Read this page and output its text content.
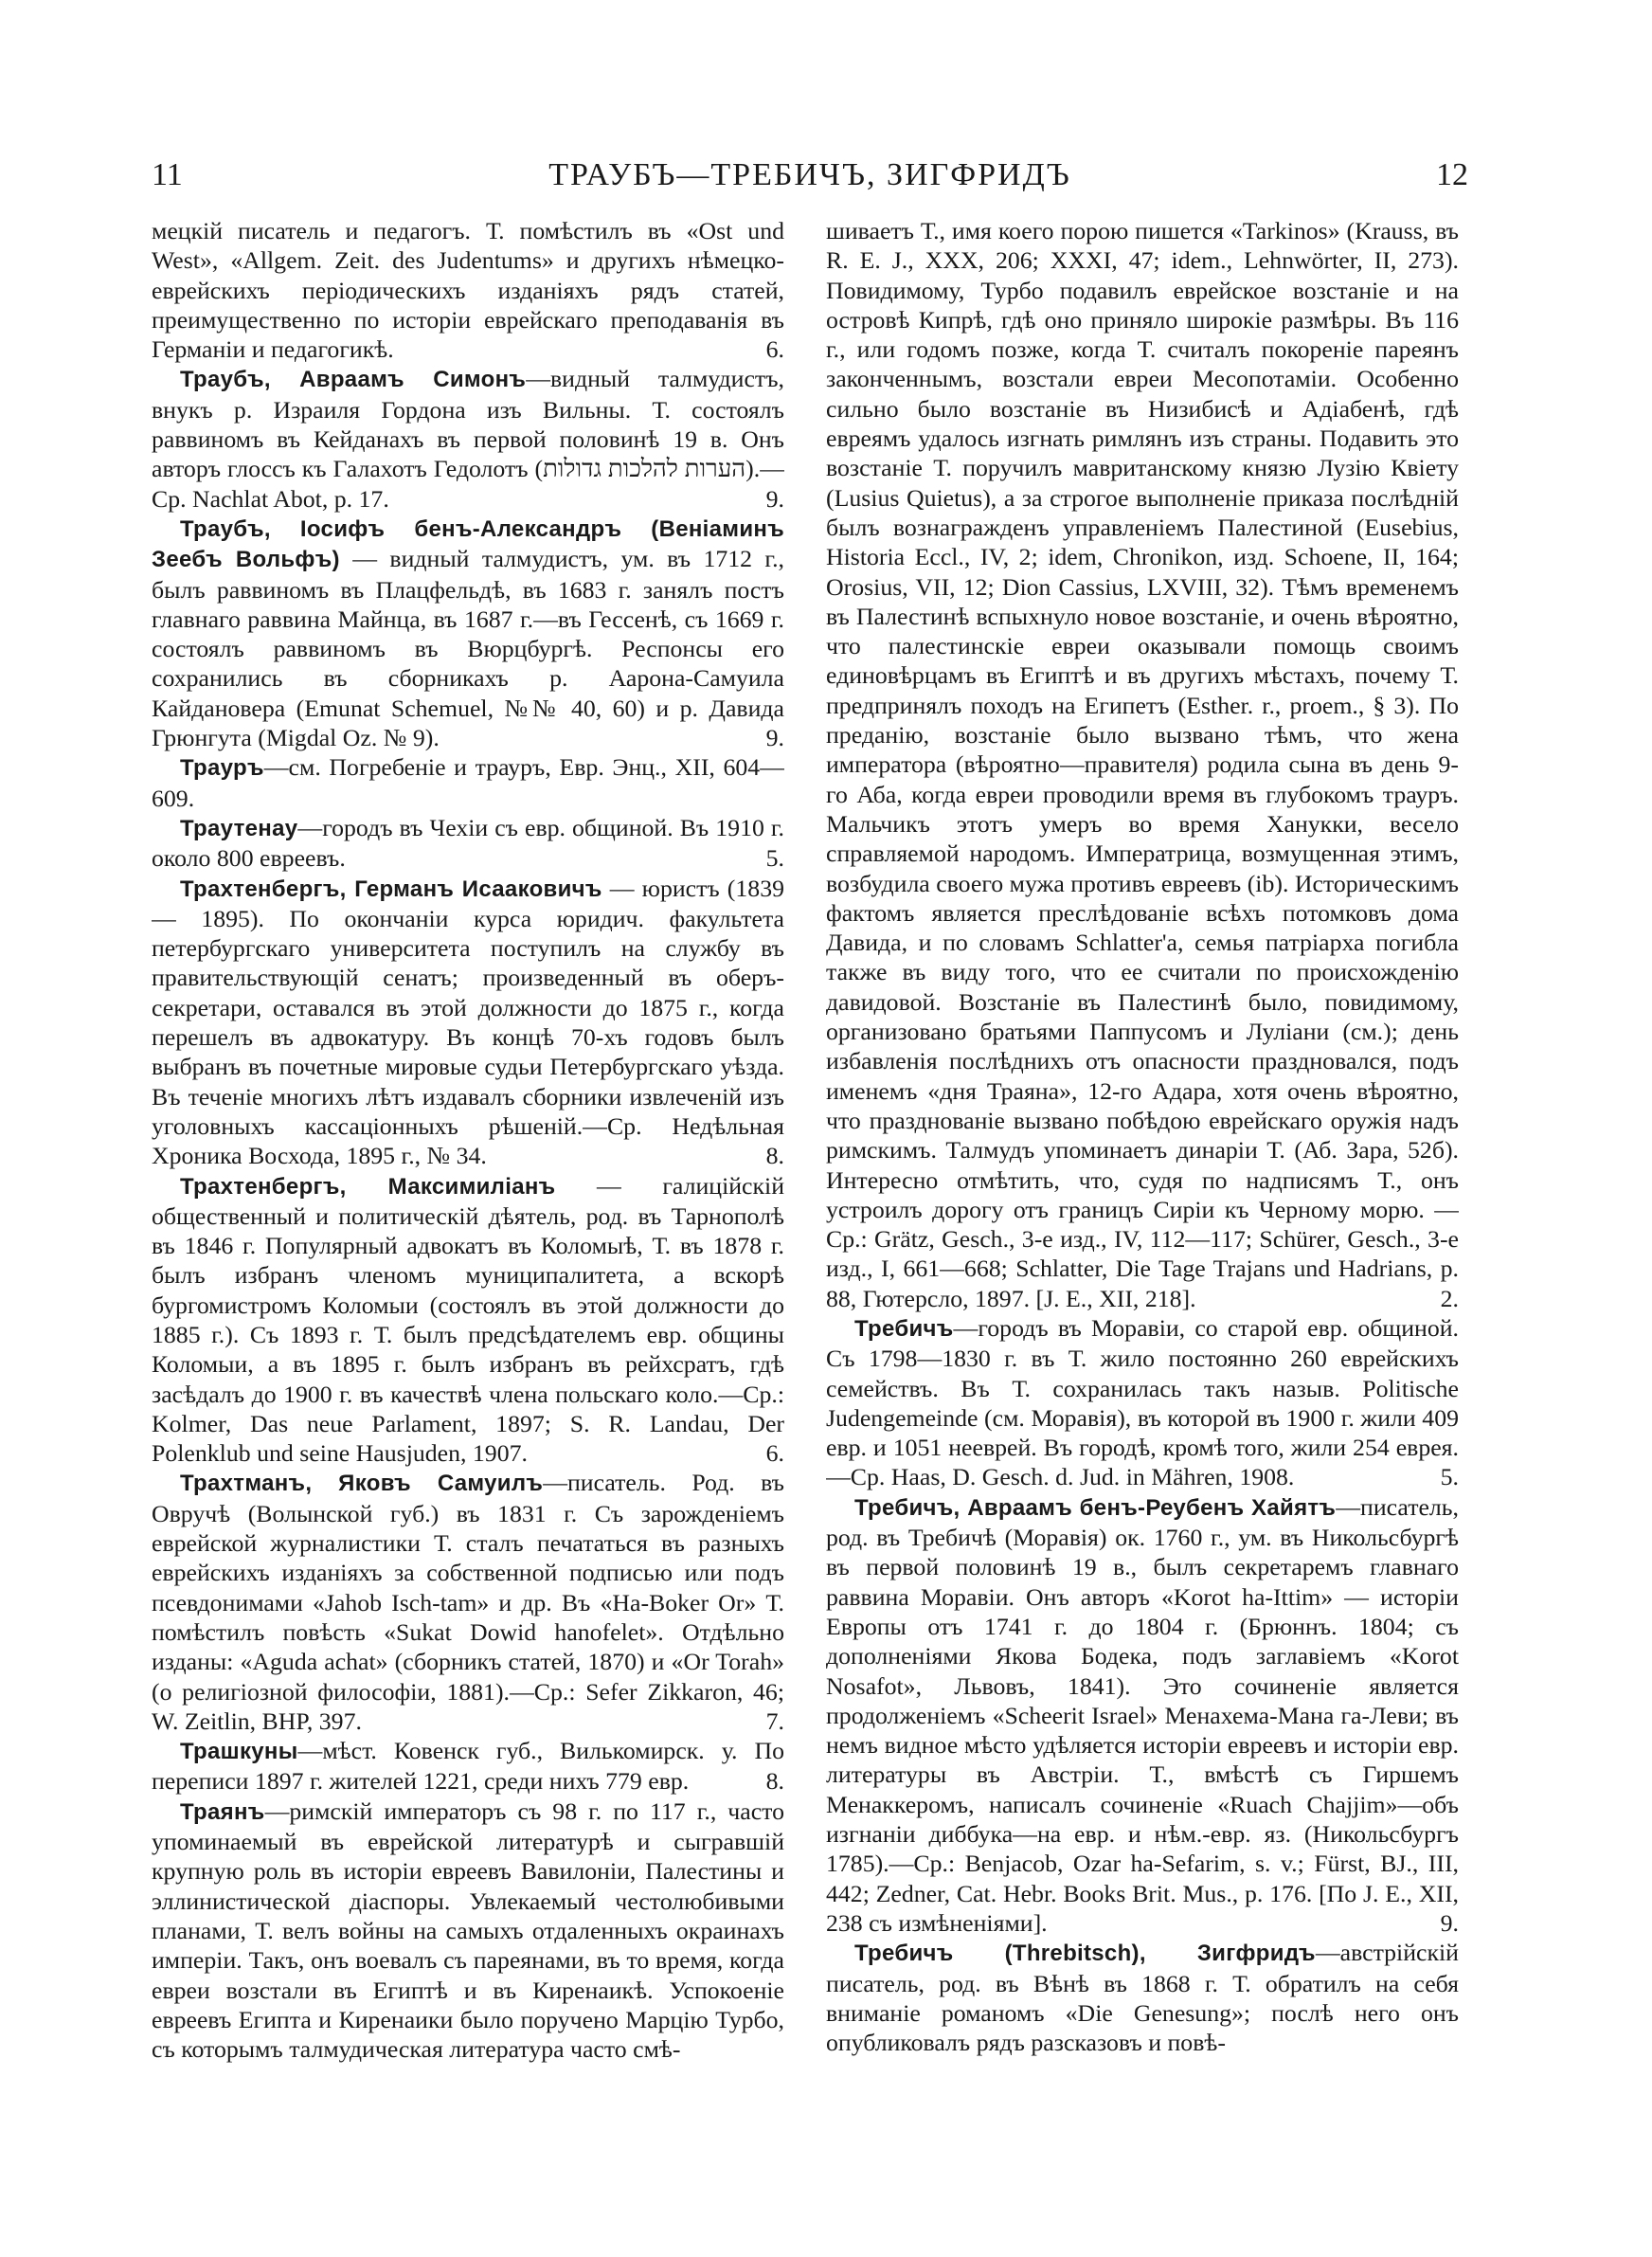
11	ТРАУБЪ—ТРЕБИЧЪ, ЗИГФРИДЪ	12

мецкій писатель и педагогъ. Т. помѣстилъ въ «Ost und West», «Allgem. Zeit. des Judentums» и другихъ нѣмецко-еврейскихъ періодическихъ изданіяхъ рядъ статей, преимущественно по исторіи еврейскаго преподаванія въ Германіи и педагогикѣ.	6.

Траубъ, Авраамъ Симонъ—видный талмудистъ, внукъ р. Израиля Гордона изъ Вильны. Т. состоялъ раввиномъ въ Кейданахъ въ первой половинѣ 19 в. Онъ авторъ глоссъ къ Галахотъ Гедолотъ (הערות להלכות גדולות).—Ср. Nachlat Abot, p. 17.	9.

Траубъ, Іосифъ бенъ-Александръ (Веніаминъ Зеебъ Вольфъ) — видный талмудистъ, ум. въ 1712 г., былъ раввиномъ въ Плацфельдѣ, въ 1683 г. занялъ постъ главнаго раввина Майнца, въ 1687 г.—въ Гессенѣ, съ 1669 г. состоялъ раввиномъ въ Вюрцбургѣ. Респонсы его сохранились въ сборникахъ р. Аарона-Самуила Кайдановера (Emunat Schemuel, №№ 40, 60) и р. Давида Грюнгута (Migdal Oz. № 9).	9.

Трауръ—см. Погребеніе и трауръ, Евр. Энц., XII, 604—609.

Траутенау—городъ въ Чехіи съ евр. общиной. Въ 1910 г. около 800 евреевъ.	5.

Трахтенбергъ, Германъ Исааковичъ — юристъ (1839 — 1895). По окончаніи курса юридич. факультета петербургскаго университета поступилъ на службу въ правительствующій сенатъ; произведенный въ оберъ-секретари, оставался въ этой должности до 1875 г., когда перешелъ въ адвокатуру. Въ концѣ 70-хъ годовъ былъ выбранъ въ почетные мировые судьи Петербургскаго уѣзда. Въ теченіе многихъ лѣтъ издавалъ сборники извлеченій изъ уголовныхъ кассаціонныхъ рѣшеній.—Ср. Недѣльная Хроника Восхода, 1895 г., № 34.	8.

Трахтенбергъ, Максимиліанъ — галицiйскій общественный и политическій дѣятель, род. въ Тарнополѣ въ 1846 г. Популярный адвокатъ въ Коломыѣ, Т. въ 1878 г. былъ избранъ членомъ муниципалитета, а вскорѣ бургомистромъ Коломыи (состоялъ въ этой должности до 1885 г.). Съ 1893 г. Т. былъ предсѣдателемъ евр. общины Коломыи, а въ 1895 г. былъ избранъ въ рейхсратъ, гдѣ засѣдалъ до 1900 г. въ качествѣ члена польскаго коло.—Ср.: Kolmer, Das neue Parlament, 1897; S. R. Landau, Der Polenklub und seine Hausjuden, 1907.	6.

Трахтманъ, Яковъ Самуилъ—писатель. Род. въ Овручѣ (Волынской губ.) въ 1831 г. Съ зарожденіемъ еврейской журналистики Т. сталъ печататься въ разныхъ еврейскихъ изданіяхъ за собственной подписью или подъ псевдонимами «Jahob Isch-tam» и др. Въ «Ha-Boker Or» Т. помѣстилъ повѣсть «Sukat Dowid hanofelet». Отдѣльно изданы: «Aguda achat» (сборникъ статей, 1870) и «Or Torah» (о религіозной философіи, 1881).—Ср.: Sefer Zikkaron, 46; W. Zeitlin, BHP, 397.	7.

Трашкуны—мѣст. Ковенск губ., Вилькомирск. у. По переписи 1897 г. жителей 1221, среди нихъ 779 евр.	8.

Траянъ—римскій императоръ съ 98 г. по 117 г., часто упоминаемый въ еврейской литературѣ и сыгравшій крупную роль въ исторіи евреевъ Вавилоніи, Палестины и эллинистической діаспоры. Увлекаемый честолюбивыми планами, Т. велъ войны на самыхъ отдаленныхъ окраинахъ имперіи. Такъ, онъ воевалъ съ пареянами, въ то время, когда евреи возстали въ Египтѣ и въ Киренаикѣ. Успокоеніе евреевъ Египта и Киренаики было поручено Марцію Турбо, съ которымъ талмудическая литература часто смѣ-

шиваетъ Т., имя коего порою пишется «Tarkinos» (Krauss, въ R. E. J., XXX, 206; XXXI, 47; idem., Lehnwörter, II, 273). Повидимому, Турбо подавилъ еврейское возстаніе и на островѣ Кипрѣ, гдѣ оно приняло широкіе размѣры. Въ 116 г., или годомъ позже, когда Т. считалъ покореніе пареянъ законченнымъ, возстали евреи Месопотаміи. Особенно сильно было возстаніе въ Низибисѣ и Адіабенѣ, гдѣ евреямъ удалось изгнать римлянъ изъ страны. Подавить это возстаніе Т. поручилъ мавританскому князю Лузію Квіету (Lusius Quietus), а за строгое выполненіе приказа послѣдній былъ вознагражденъ управленіемъ Палестиной (Eusebius, Historia Eccl., IV, 2; idem, Chronikon, изд. Schoene, II, 164; Orosius, VII, 12; Dion Cassius, LXVIII, 32). Тѣмъ временемъ въ Палестинѣ вспыхнуло новое возстаніе, и очень вѣроятно, что палестинскіе евреи оказывали помощь своимъ единовѣрцамъ въ Египтѣ и въ другихъ мѣстахъ, почему Т. предпринялъ походъ на Египетъ (Esther. r., proem., § 3). По преданію, возстаніе было вызвано тѣмъ, что жена императора (вѣроятно—правителя) родила сына въ день 9-го Аба, когда евреи проводили время въ глубокомъ трауръ. Мальчикъ этотъ умеръ во время Ханукки, весело справляемой народомъ. Императрица, возмущенная этимъ, возбудила своего мужа противъ евреевъ (ib). Историческимъ фактомъ является преслѣдованіе всѣхъ потомковъ дома Давида, и по словамъ Schlatter'а, семья патріарха погибла также въ виду того, что ее считали по происхожденію давидовой. Возстаніе въ Палестинѣ было, повидимому, организовано братьями Паппусомъ и Луліани (см.); день избавленія послѣднихъ отъ опасности праздновался, подъ именемъ «дня Траяна», 12-го Адара, хотя очень вѣроятно, что празднованіе вызвано побѣдою еврейскаго оружія надъ римскимъ. Талмудъ упоминаетъ динаріи Т. (Аб. Зара, 52б). Интересно отмѣтить, что, судя по надписямъ Т., онъ устроилъ дорогу отъ границъ Сиріи къ Черному морю. — Ср.: Grätz, Gesch., 3-е изд., IV, 112—117; Schürer, Gesch., 3-е изд., I, 661—668; Schlatter, Die Tage Trajans und Hadrians, p. 88, Гютерсло, 1897. [J. E., XII, 218].	2.

Требичъ—городъ въ Моравіи, со старой евр. общиной. Съ 1798—1830 г. въ Т. жило постоянно 260 еврейскихъ семействъ. Въ Т. сохранилась такъ назыв. Politische Judengemeinde (см. Моравія), въ которой въ 1900 г. жили 409 евр. и 1051 нееврей. Въ городѣ, кромѣ того, жили 254 еврея.—Ср. Haas, D. Gesch. d. Jud. in Mähren, 1908.	5.

Требичъ, Авраамъ бенъ-Реубенъ Хайятъ—писатель, род. въ Требичѣ (Моравія) ок. 1760 г., ум. въ Никольсбургѣ въ первой половинѣ 19 в., былъ секретаремъ главнаго раввина Моравіи. Онъ авторъ «Korot ha-Ittim» — исторіи Европы отъ 1741 г. до 1804 г. (Брюннъ. 1804; съ дополненіями Якова Бодека, подъ заглавіемъ «Korot Nosafot», Львовъ, 1841). Это сочиненіе является продолженіемъ «Scheerit Israel» Менахема-Мана га-Леви; въ немъ видное мѣсто удѣляется исторіи евреевъ и исторіи евр. литературы въ Австріи. Т., вмѣстѣ съ Гиршемъ Менаккеромъ, написалъ сочиненіе «Ruach Chajjim»—объ изгнаніи диббука—на евр. и нѣм.-евр. яз. (Никольсбургъ 1785).—Ср.: Benjacob, Ozar ha-Sefarim, s. v.; Fürst, BJ., III, 442; Zedner, Cat. Hebr. Books Brit. Mus., p. 176. [По J. E., XII, 238 съ измѣненіями].	9.

Требичъ (Threbitsch), Зигфридъ—австрійскій писатель, род. въ Вѣнѣ въ 1868 г. Т. обратилъ на себя вниманіе романомъ «Die Genesung»; послѣ него онъ опубликовалъ рядъ разсказовъ и повѣ-
